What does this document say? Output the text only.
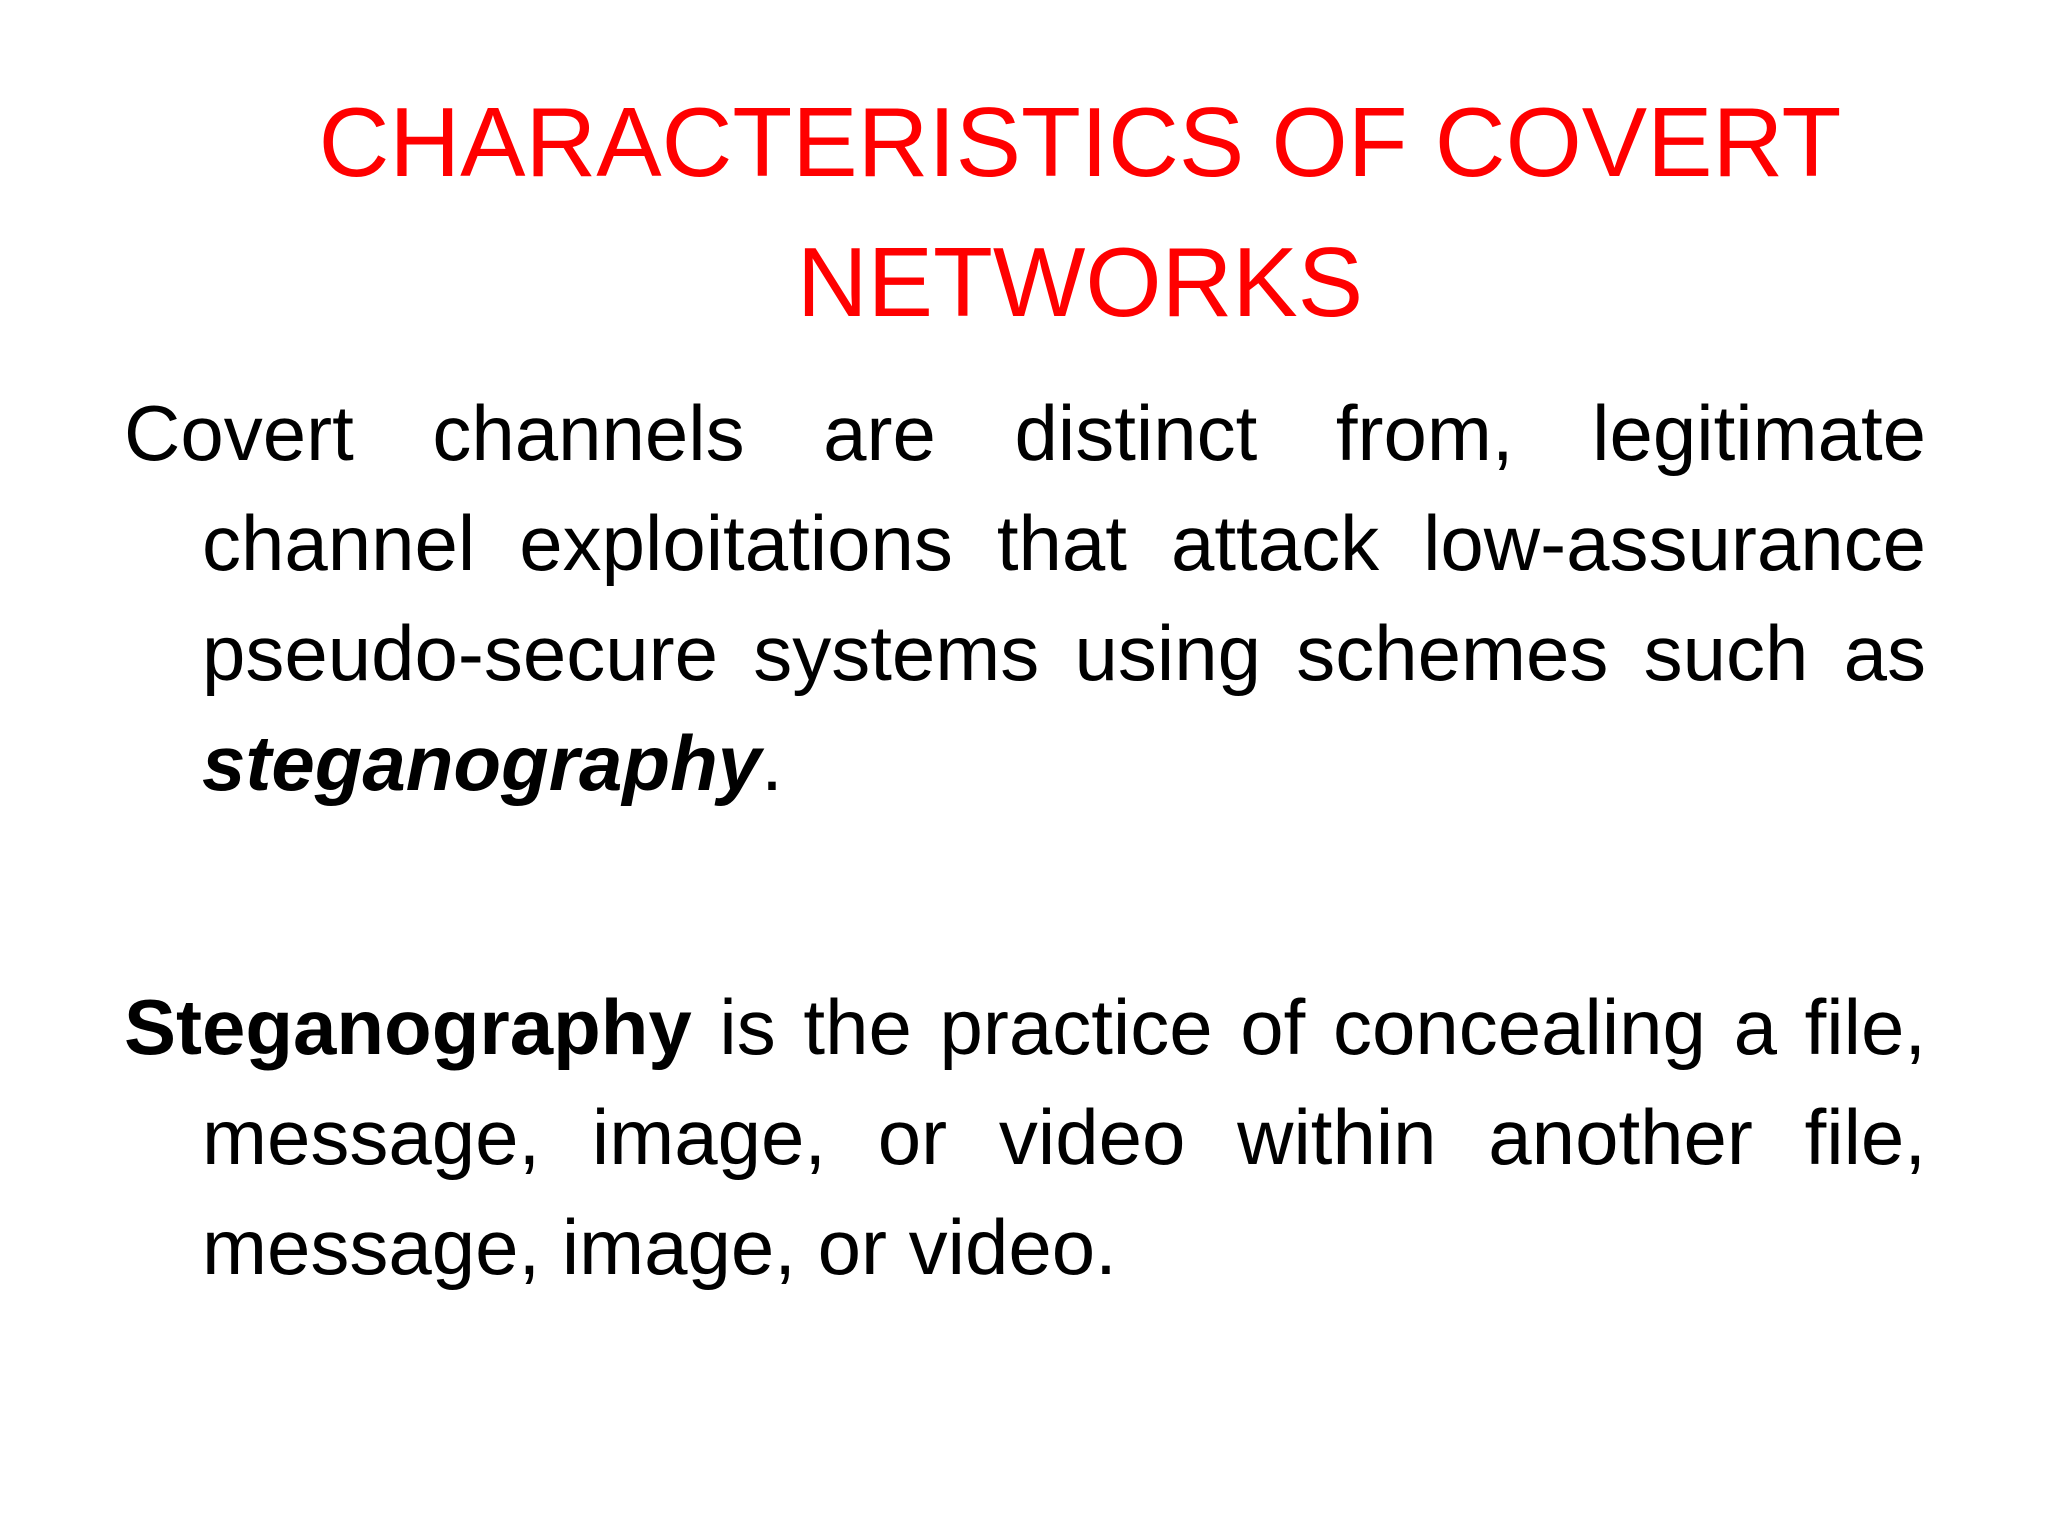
CHARACTERISTICS OF COVERT
NETWORKS

Covert channels are distinct from, legitimate channel exploitations that attack low-assurance pseudo-secure systems using schemes such as steganography.

Steganography is the practice of concealing a file, message, image, or video within another file, message, image, or video.
